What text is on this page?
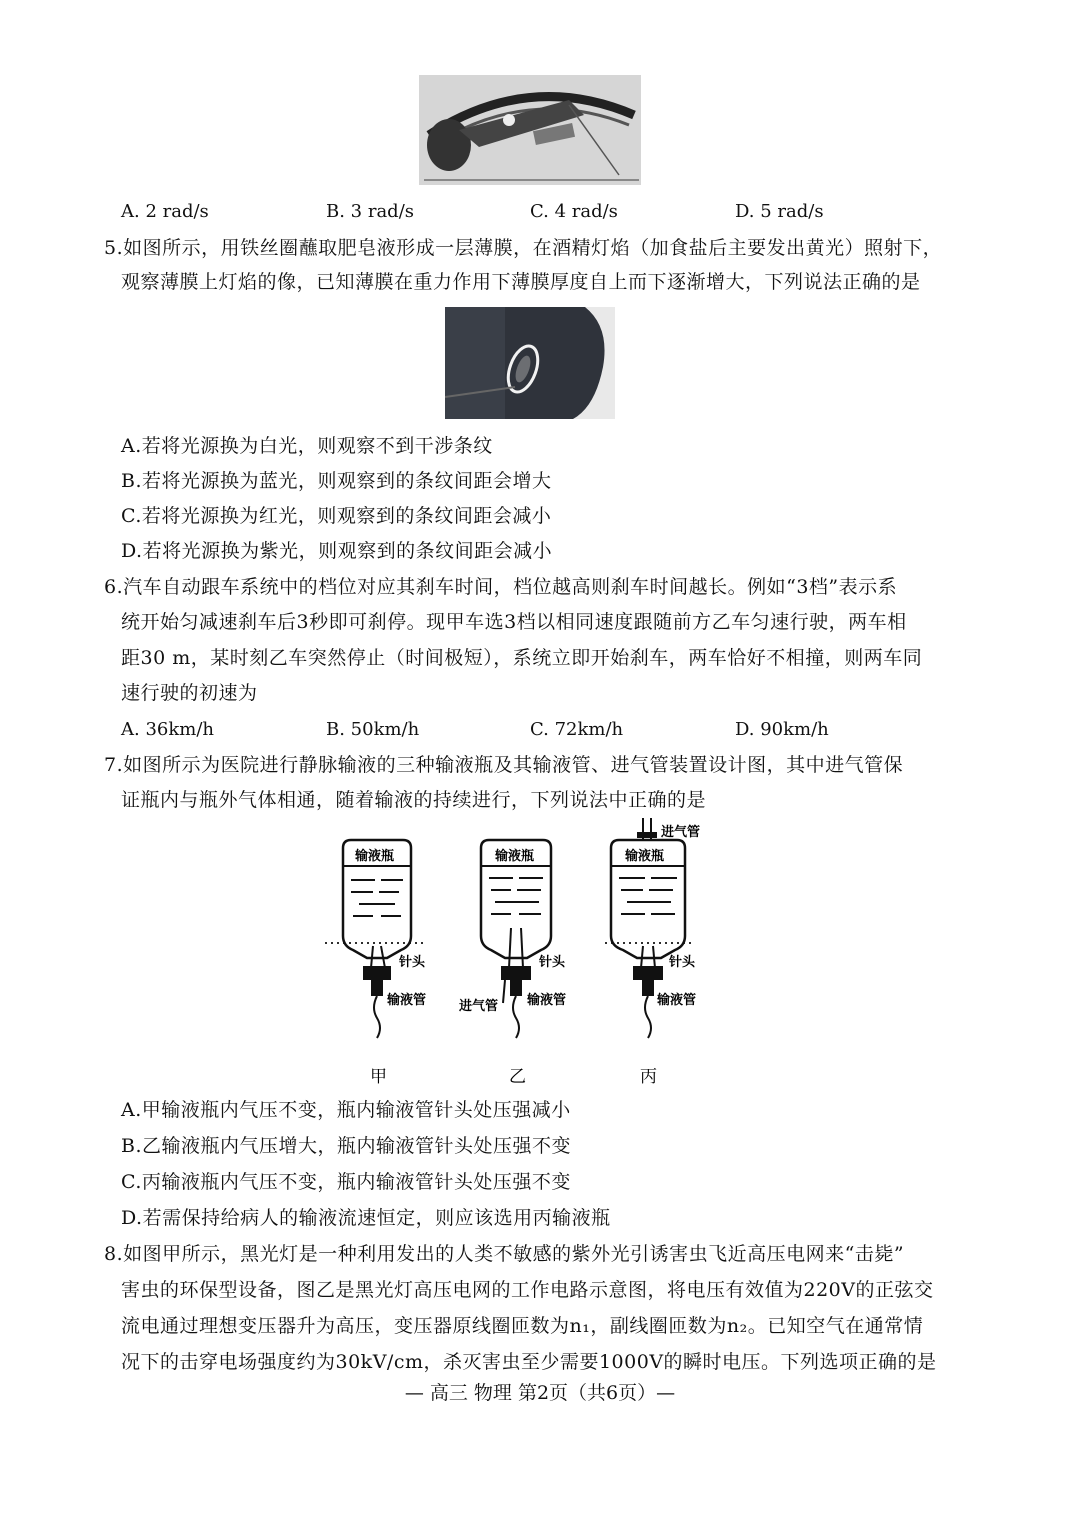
A. 2 rad/s	B. 3 rad/s	C. 4 rad/s	D. 5 rad/s
5.如图所示，用铁丝圈蘸取肥皂液形成一层薄膜，在酒精灯焰（加食盐后主要发出黄光）照射下，
观察薄膜上灯焰的像，已知薄膜在重力作用下薄膜厚度自上而下逐渐增大，下列说法正确的是
A.若将光源换为白光，则观察不到干涉条纹
B.若将光源换为蓝光，则观察到的条纹间距会增大
C.若将光源换为红光，则观察到的条纹间距会减小
D.若将光源换为紫光，则观察到的条纹间距会减小
6.汽车自动跟车系统中的档位对应其刹车时间，档位越高则刹车时间越长。例如“3档”表示系
统开始匀减速刹车后3秒即可刹停。现甲车选3档以相同速度跟随前方乙车匀速行驶，两车相
距30 m，某时刻乙车突然停止（时间极短），系统立即开始刹车，两车恰好不相撞，则两车同
速行驶的初速为
A. 36km/h	B. 50km/h	C. 72km/h	D. 90km/h
7.如图所示为医院进行静脉输液的三种输液瓶及其输液管、进气管装置设计图，其中进气管保
证瓶内与瓶外气体相通，随着输液的持续进行，下列说法中正确的是
输液瓶
针头
输液管
输液瓶
针头
输液管
进气管
进气管
输液瓶
针头
输液管
甲	乙	丙
A.甲输液瓶内气压不变，瓶内输液管针头处压强减小
B.乙输液瓶内气压增大，瓶内输液管针头处压强不变
C.丙输液瓶内气压不变，瓶内输液管针头处压强不变
D.若需保持给病人的输液流速恒定，则应该选用丙输液瓶
8.如图甲所示，黑光灯是一种利用发出的人类不敏感的紫外光引诱害虫飞近高压电网来“击毙”
害虫的环保型设备，图乙是黑光灯高压电网的工作电路示意图，将电压有效值为220V的正弦交
流电通过理想变压器升为高压，变压器原线圈匝数为n₁，副线圈匝数为n₂。已知空气在通常情
况下的击穿电场强度约为30kV/cm，杀灭害虫至少需要1000V的瞬时电压。下列选项正确的是
— 高三 物理 第2页（共6页）—
